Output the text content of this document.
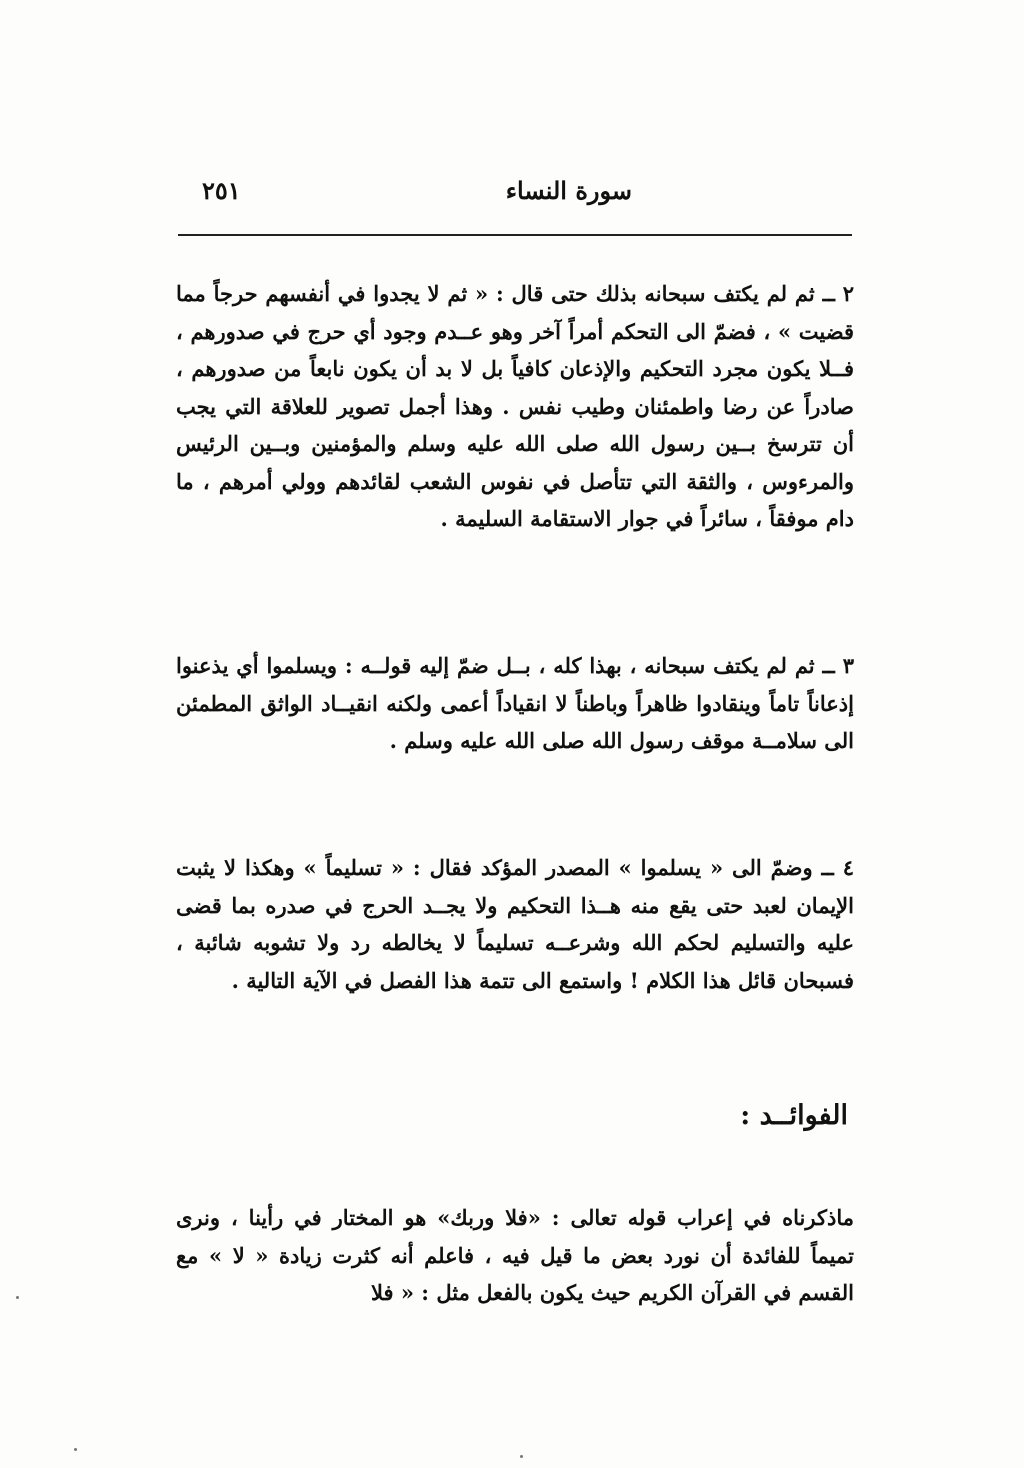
سورة النساء
٢٥١

٢ ــ ثم لم يكتف سبحانه بذلك حتى قال : « ثم لا يجدوا في أنفسهم حرجاً مما قضيت » ، فضمّ الى التحكم أمراً آخر وهو عــدم وجود أي حرج في صدورهم ، فــلا يكون مجرد التحكيم والإذعان كافياً بل لا بد أن يكون نابعاً من صدورهم ، صادراً عن رضا واطمئنان وطيب نفس . وهذا أجمل تصوير للعلاقة التي يجب أن تترسخ بــين رسول الله صلى الله عليه وسلم والمؤمنين وبــين الرئيس والمرءوس ، والثقة التي تتأصل في نفوس الشعب لقائدهم وولي أمرهم ، ما دام موفقاً ، سائراً في جوار الاستقامة السليمة .

٣ ــ ثم لم يكتف سبحانه ، بهذا كله ، بــل ضمّ إليه قولــه : ويسلموا أي يذعنوا إذعاناً تاماً وينقادوا ظاهراً وباطناً لا انقياداً أعمى ولكنه انقيــاد الواثق المطمئن الى سلامــة موقف رسول الله صلى الله عليه وسلم .

٤ ــ وضمّ الى « يسلموا » المصدر المؤكد فقال : « تسليماً » وهكذا لا يثبت الإيمان لعبد حتى يقع منه هــذا التحكيم ولا يجــد الحرج في صدره بما قضى عليه والتسليم لحكم الله وشرعــه تسليماً لا يخالطه رد ولا تشوبه شائبة ، فسبحان قائل هذا الكلام ! واستمع الى تتمة هذا الفصل في الآية التالية .

الفوائــد :

ماذكرناه في إعراب قوله تعالى : «فلا وربك» هو المختار في رأينا ، ونرى تميماً للفائدة أن نورد بعض ما قيل فيه ، فاعلم أنه كثرت زيادة « لا » مع القسم في القرآن الكريم حيث يكون بالفعل مثل : « فلا
